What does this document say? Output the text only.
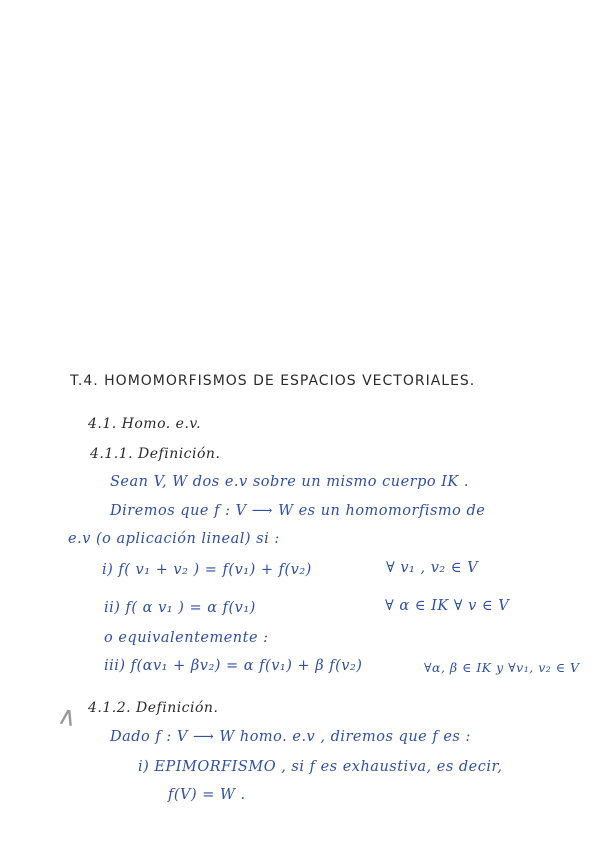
T.4. HOMOMORFISMOS DE ESPACIOS VECTORIALES.
4.1. Homo. e.v.
4.1.1. Definición.
Sean V, W dos e.v sobre un mismo cuerpo IK .
Diremos que f : V ⟶ W es un homomorfismo de
e.v (o aplicación lineal) si :
i) f( v₁ + v₂ ) = f(v₁) + f(v₂)	∀ v₁ , v₂ ∈ V
ii) f( α v₁ ) = α f(v₁)	∀ α ∈ IK ∀ v ∈ V
o equivalentemente :
iii) f(αv₁ + βv₂) = α f(v₁) + β f(v₂)	∀α, β ∈ IK y ∀v₁, v₂ ∈ V
∧ 4.1.2. Definición.
Dado f : V ⟶ W homo. e.v , diremos que f es :
i) EPIMORFISMO , si f es exhaustiva, es decir,
f(V) = W .
